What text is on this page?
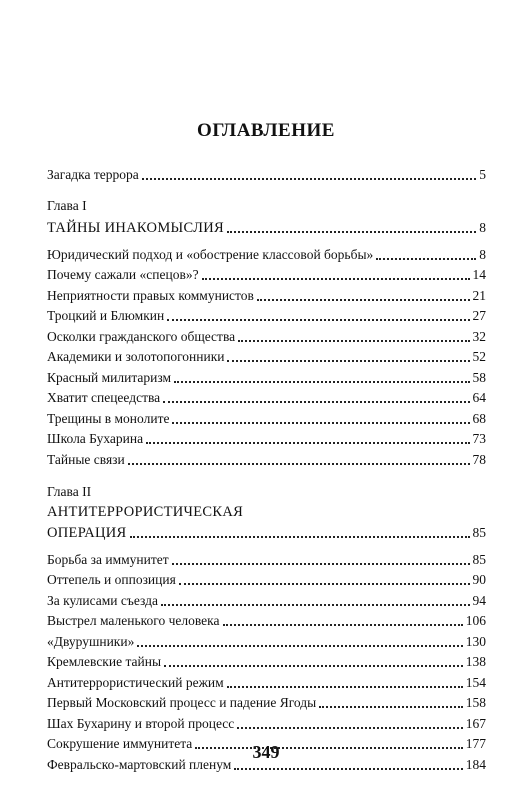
ОГЛАВЛЕНИЕ
Загадка террора	5
Глава I
ТАЙНЫ ИНАКОМЫСЛИЯ	8
Юридический подход и «обострение классовой борьбы»	8
Почему сажали «спецов»?	14
Неприятности правых коммунистов	21
Троцкий и Блюмкин	27
Осколки гражданского общества	32
Академики и золотопогонники	52
Красный милитаризм	58
Хватит спецеедства	64
Трещины в монолите	68
Школа Бухарина	73
Тайные связи	78
Глава II
АНТИТЕРРОРИСТИЧЕСКАЯ
ОПЕРАЦИЯ	85
Борьба за иммунитет	85
Оттепель и оппозиция	90
За кулисами съезда	94
Выстрел маленького человека	106
«Двурушники»	130
Кремлевские тайны	138
Антитеррористический режим	154
Первый Московский процесс и падение Ягоды	158
Шах Бухарину и второй процесс	167
Сокрушение иммунитета	177
Февральско-мартовский пленум	184
349
